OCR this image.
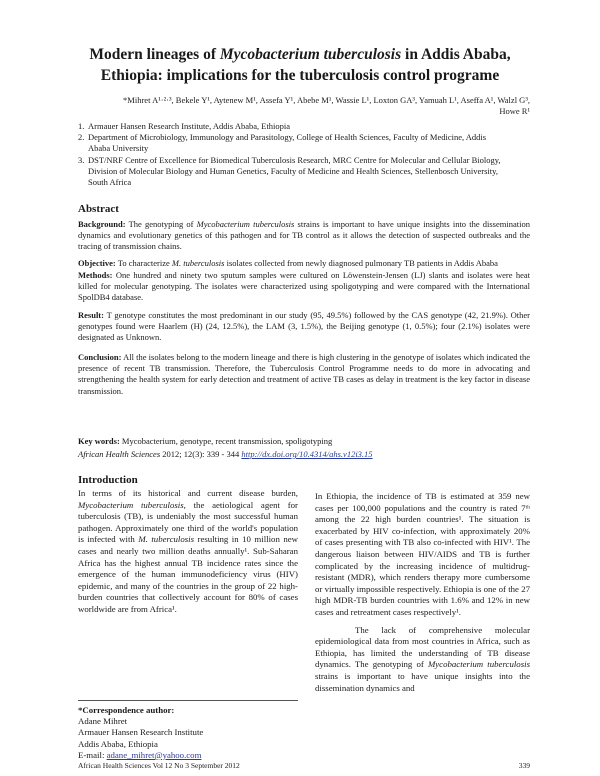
Modern lineages of Mycobacterium tuberculosis in Addis Ababa,
Ethiopia: implications for the tuberculosis control programe
*Mihret A¹·²·³, Bekele Y¹, Aytenew M¹, Assefa Y¹, Abebe M¹, Wassie L¹, Loxton GA³, Yamuah L¹, Aseffa A¹, Walzl G³,
Howe R¹
1. Armauer Hansen Research Institute, Addis Ababa, Ethiopia
2. Department of Microbiology, Immunology and Parasitology, College of Health Sciences, Faculty of Medicine, Addis
Ababa University
3. DST/NRF Centre of Excellence for Biomedical Tuberculosis Research, MRC Centre for Molecular and Cellular Biology,
Division of Molecular Biology and Human Genetics, Faculty of Medicine and Health Sciences, Stellenbosch University,
South Africa
Abstract

Background: The genotyping of Mycobacterium tuberculosis strains is important to have unique insights into the dissemination dynamics and evolutionary genetics of this pathogen and for TB control as it allows the detection of suspected outbreaks and the tracing of transmission chains.

Objective: To characterize M. tuberculosis isolates collected from newly diagnosed pulmonary TB patients in Addis Ababa

Methods: One hundred and ninety two sputum samples were cultured on Löwenstein-Jensen (LJ) slants and isolates were heat killed for molecular genotyping. The isolates were characterized using spoligotyping and were compared with the International SpolDB4 database.

Result: T genotype constitutes the most predominant in our study (95, 49.5%) followed by the CAS genotype (42, 21.9%). Other genotypes found were Haarlem (H) (24, 12.5%), the LAM (3, 1.5%), the Beijing genotype (1, 0.5%); four (2.1%) isolates were designated as Unknown.

Conclusion: All the isolates belong to the modern lineage and there is high clustering in the genotype of isolates which indicated the presence of recent TB transmission. Therefore, the Tuberculosis Control Programme needs to do more in advocating and strengthening the health system for early detection and treatment of active TB cases as delay in treatment is the key factor in disease transmission.

Key words: Mycobacterium, genotype, recent transmission, spoligotyping

African Health Sciences 2012; 12(3): 339 - 344 http://dx.doi.org/10.4314/ahs.v12i3.15
Introduction

In terms of its historical and current disease burden, Mycobacterium tuberculosis, the aetiological agent for tuberculosis (TB), is undeniably the most successful human pathogen. Approximately one third of the world's population is infected with M. tuberculosis resulting in 10 million new cases and nearly two million deaths annually¹. Sub-Saharan Africa has the highest annual TB incidence rates since the emergence of the human immunodeficiency virus (HIV) epidemic, and many of the countries in the group of 22 high-burden countries that collectively account for 80% of cases worldwide are from Africa¹.

In Ethiopia, the incidence of TB is estimated at 359 new cases per 100,000 populations and the country is rated 7ᵗʰ among the 22 high burden countries¹. The situation is exacerbated by HIV co-infection, with approximately 20% of cases presenting with TB also co-infected with HIV¹. The dangerous liaison between HIV/AIDS and TB is further complicated by the increasing incidence of multidrug-resistant (MDR), which renders therapy more cumbersome or virtually impossible respectively. Ethiopia is one of the 27 high MDR-TB burden countries with 1.6% and 12% in new cases and retreatment cases respectively¹.

The lack of comprehensive molecular epidemiological data from most countries in Africa, such as Ethiopia, has limited the understanding of TB disease dynamics. The genotyping of Mycobacterium tuberculosis strains is important to have unique insights into the dissemination dynamics and

*Correspondence author:
Adane Mihret
Armauer Hansen Research Institute
Addis Ababa, Ethiopia
E-mail: adane_mihret@yahoo.com
African Health Sciences Vol 12 No 3 September 2012	339
